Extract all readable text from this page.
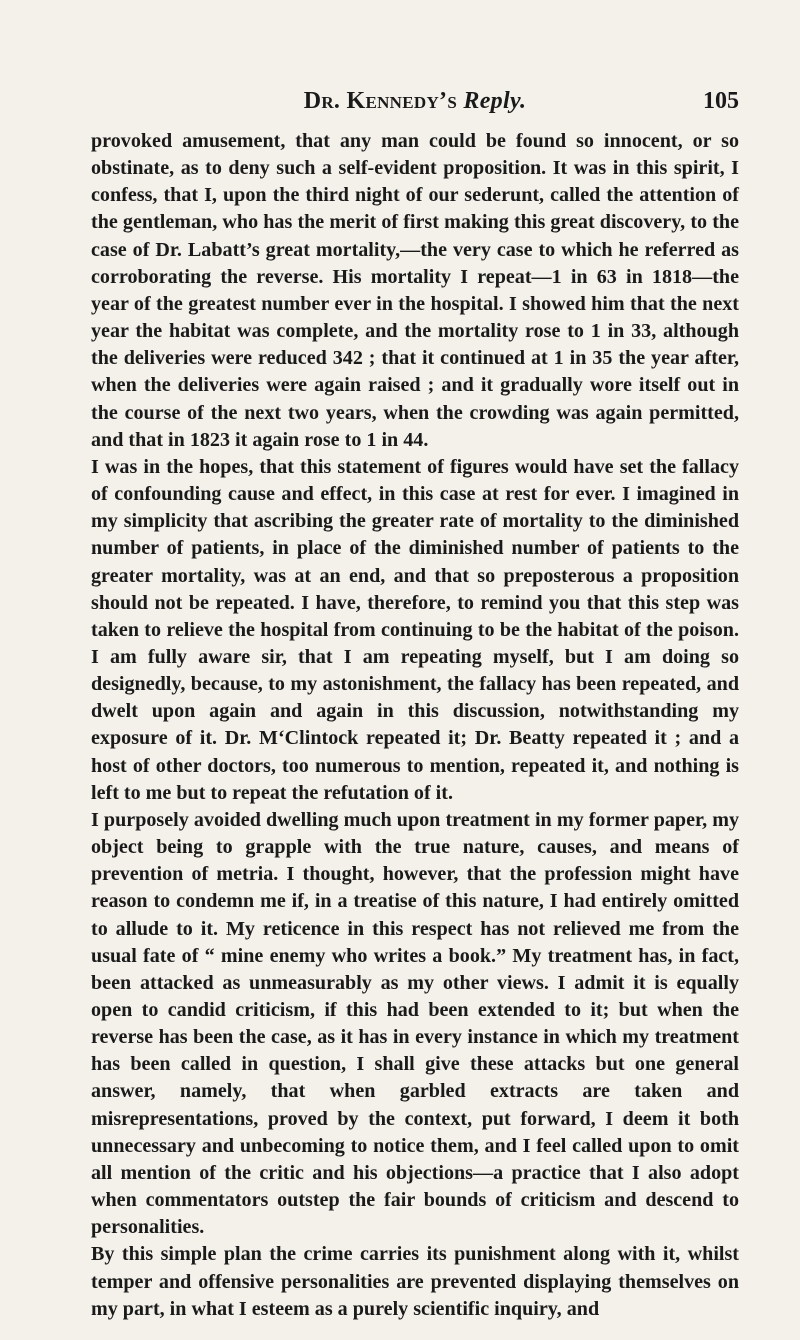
Dr. Kennedy’s Reply.	105

provoked amusement, that any man could be found so innocent, or so obstinate, as to deny such a self-evident proposition. It was in this spirit, I confess, that I, upon the third night of our sederunt, called the attention of the gentleman, who has the merit of first making this great discovery, to the case of Dr. Labatt’s great mortality,—the very case to which he referred as corroborating the reverse. His mortality I repeat—1 in 63 in 1818—the year of the greatest number ever in the hospital. I showed him that the next year the habitat was complete, and the mortality rose to 1 in 33, although the deliveries were reduced 342 ; that it continued at 1 in 35 the year after, when the deliveries were again raised ; and it gradually wore itself out in the course of the next two years, when the crowding was again permitted, and that in 1823 it again rose to 1 in 44.

I was in the hopes, that this statement of figures would have set the fallacy of confounding cause and effect, in this case at rest for ever. I imagined in my simplicity that ascribing the greater rate of mortality to the diminished number of patients, in place of the diminished number of patients to the greater mortality, was at an end, and that so preposterous a proposition should not be repeated. I have, therefore, to remind you that this step was taken to relieve the hospital from continuing to be the habitat of the poison. I am fully aware sir, that I am repeating myself, but I am doing so designedly, because, to my astonishment, the fallacy has been repeated, and dwelt upon again and again in this discussion, notwithstanding my exposure of it. Dr. M‘Clintock repeated it; Dr. Beatty repeated it ; and a host of other doctors, too numerous to mention, repeated it, and nothing is left to me but to repeat the refutation of it.

I purposely avoided dwelling much upon treatment in my former paper, my object being to grapple with the true nature, causes, and means of prevention of metria. I thought, however, that the profession might have reason to condemn me if, in a treatise of this nature, I had entirely omitted to allude to it. My reticence in this respect has not relieved me from the usual fate of “ mine enemy who writes a book.” My treatment has, in fact, been attacked as unmeasurably as my other views. I admit it is equally open to candid criticism, if this had been extended to it; but when the reverse has been the case, as it has in every instance in which my treatment has been called in question, I shall give these attacks but one general answer, namely, that when garbled extracts are taken and misrepresentations, proved by the context, put forward, I deem it both unnecessary and unbecoming to notice them, and I feel called upon to omit all mention of the critic and his objections—a practice that I also adopt when commentators outstep the fair bounds of criticism and descend to personalities.

By this simple plan the crime carries its punishment along with it, whilst temper and offensive personalities are prevented displaying themselves on my part, in what I esteem as a purely scientific inquiry, and
